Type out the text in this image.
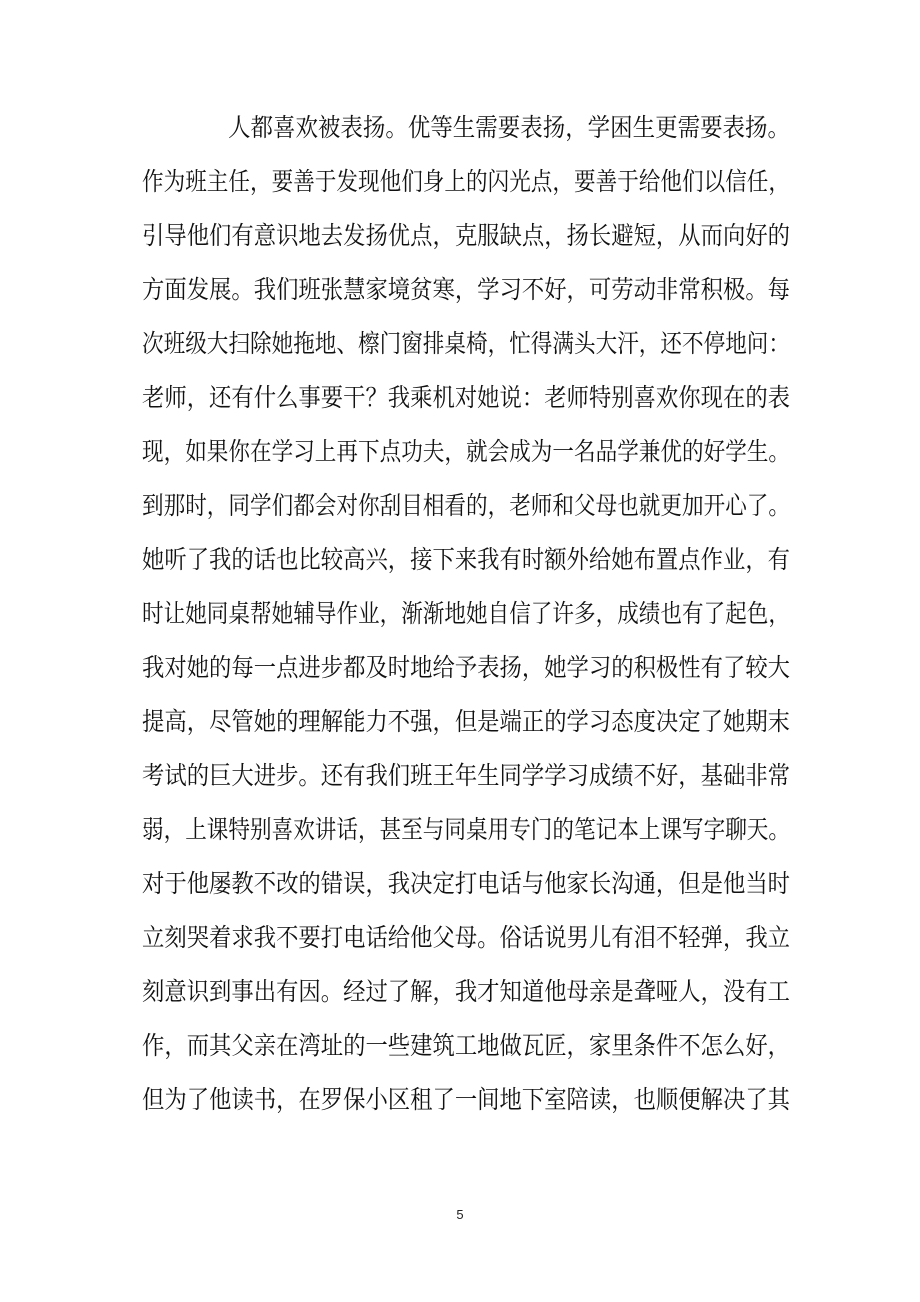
人都喜欢被表扬。优等生需要表扬，学困生更需要表扬。
作为班主任，要善于发现他们身上的闪光点，要善于给他们以信任，
引导他们有意识地去发扬优点，克服缺点，扬长避短，从而向好的
方面发展。我们班张慧家境贫寒，学习不好，可劳动非常积极。每
次班级大扫除她拖地、檫门窗排桌椅，忙得满头大汗，还不停地问：
老师，还有什么事要干？我乘机对她说：老师特别喜欢你现在的表
现，如果你在学习上再下点功夫，就会成为一名品学兼优的好学生。
到那时，同学们都会对你刮目相看的，老师和父母也就更加开心了。
她听了我的话也比较高兴，接下来我有时额外给她布置点作业，有
时让她同桌帮她辅导作业，渐渐地她自信了许多，成绩也有了起色，
我对她的每一点进步都及时地给予表扬，她学习的积极性有了较大
提高，尽管她的理解能力不强，但是端正的学习态度决定了她期末
考试的巨大进步。还有我们班王年生同学学习成绩不好，基础非常
弱，上课特别喜欢讲话，甚至与同桌用专门的笔记本上课写字聊天。
对于他屡教不改的错误，我决定打电话与他家长沟通，但是他当时
立刻哭着求我不要打电话给他父母。俗话说男儿有泪不轻弹，我立
刻意识到事出有因。经过了解，我才知道他母亲是聋哑人，没有工
作，而其父亲在湾址的一些建筑工地做瓦匠，家里条件不怎么好，
但为了他读书，在罗保小区租了一间地下室陪读，也顺便解决了其
5
